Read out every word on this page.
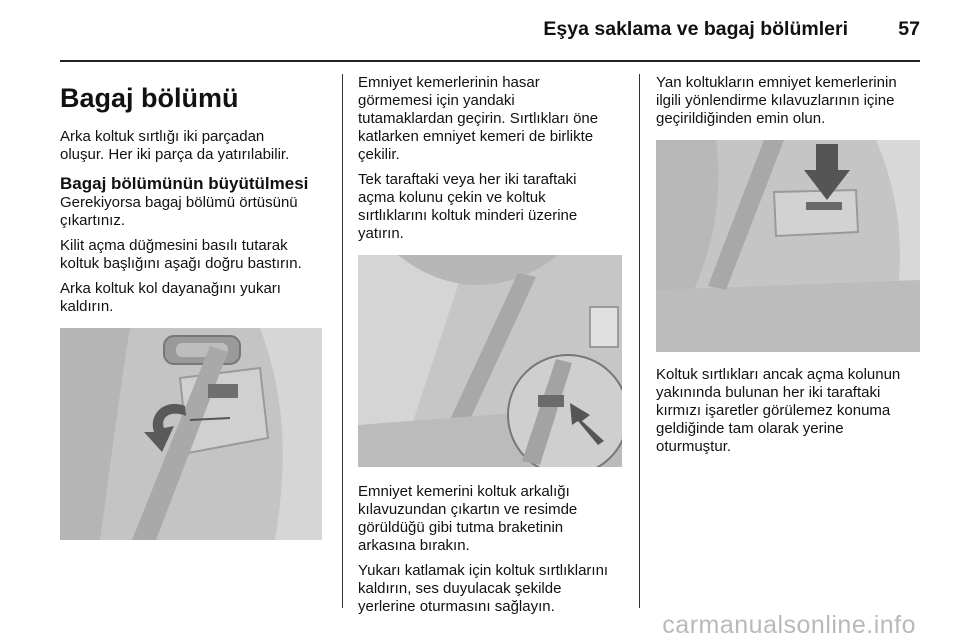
Eşya saklama ve bagaj bölümleri	57
Bagaj bölümü

Arka koltuk sırtlığı iki parçadan
oluşur. Her iki parça da yatırılabilir.

Bagaj bölümünün büyütülmesi

Gerekiyorsa bagaj bölümü örtüsünü
çıkartınız.

Kilit açma düğmesini basılı tutarak
koltuk başlığını aşağı doğru bastırın.

Arka koltuk kol dayanağını yukarı
kaldırın.

Emniyet kemerlerinin hasar
görmemesi için yandaki
tutamaklardan geçirin. Sırtlıkları öne
katlarken emniyet kemeri de birlikte
çekilir.

Tek taraftaki veya her iki taraftaki
açma kolunu çekin ve koltuk
sırtlıklarını koltuk minderi üzerine
yatırın.

Emniyet kemerini koltuk arkalığı
kılavuzundan çıkartın ve resimde
görüldüğü gibi tutma braketinin
arkasına bırakın.

Yukarı katlamak için koltuk sırtlıklarını
kaldırın, ses duyulacak şekilde
yerlerine oturmasını sağlayın.

Yan koltukların emniyet kemerlerinin
ilgili yönlendirme kılavuzlarının içine
geçirildiğinden emin olun.

Koltuk sırtlıkları ancak açma kolunun
yakınında bulunan her iki taraftaki
kırmızı işaretler görülemez konuma
geldiğinde tam olarak yerine
oturmuştur.

carmanualsonline.info
